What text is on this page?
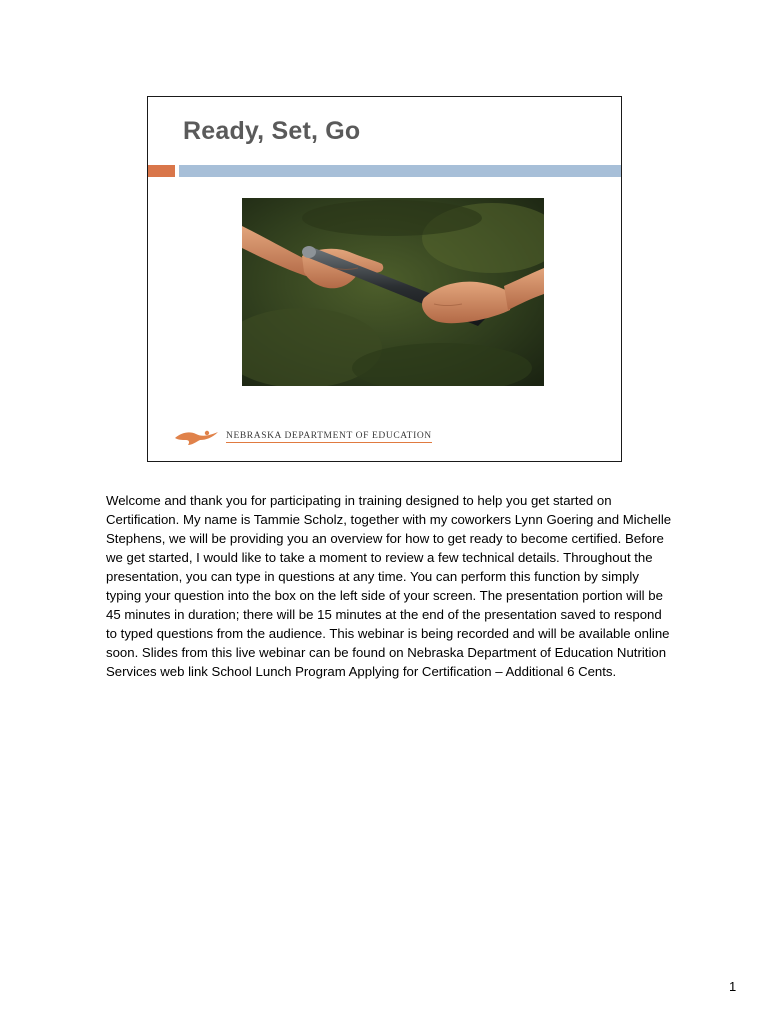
Ready, Set, Go
NEBRASKA DEPARTMENT OF EDUCATION

Welcome and thank you for participating in training designed to help you get started on Certification. My name is Tammie Scholz, together with my coworkers Lynn Goering and Michelle Stephens, we will be providing you an overview for how to get ready to become certified. Before we get started, I would like to take a moment to review a few technical details. Throughout the presentation, you can type in questions at any time. You can perform this function by simply typing your question into the box on the left side of your screen. The presentation portion will be 45 minutes in duration; there will be 15 minutes at the end of the presentation saved to respond to typed questions from the audience. This webinar is being recorded and will be available online soon. Slides from this live webinar can be found on Nebraska Department of Education Nutrition Services web link School Lunch Program Applying for Certification – Additional 6 Cents.

1
